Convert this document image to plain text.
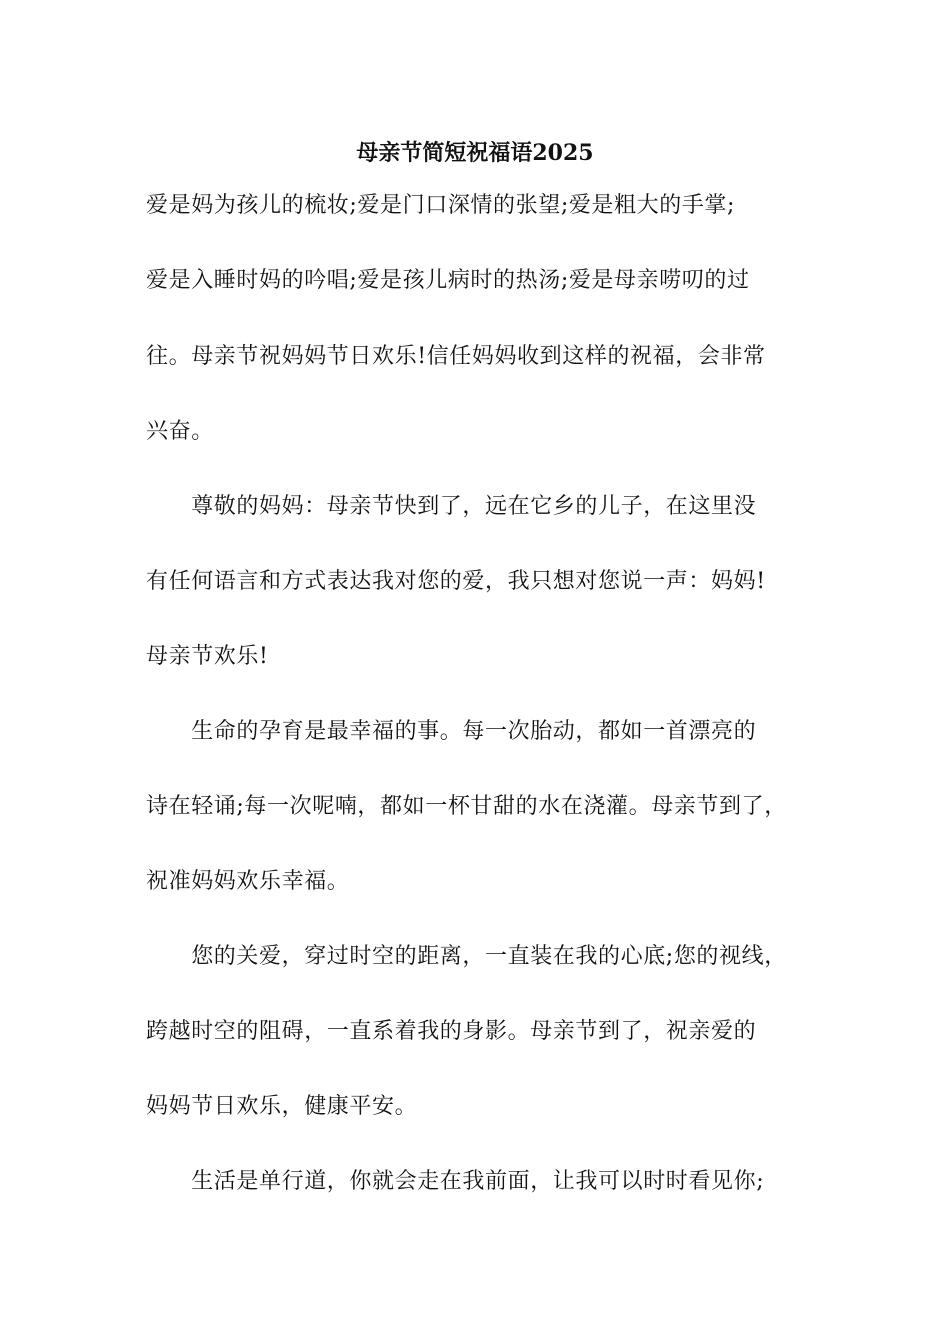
母亲节简短祝福语2025
爱是妈为孩儿的梳妆;爱是门口深情的张望;爱是粗大的手掌;
爱是入睡时妈的吟唱;爱是孩儿病时的热汤;爱是母亲唠叨的过
往。母亲节祝妈妈节日欢乐!信任妈妈收到这样的祝福，会非常
兴奋。
　　尊敬的妈妈：母亲节快到了，远在它乡的儿子，在这里没
有任何语言和方式表达我对您的爱，我只想对您说一声：妈妈!
母亲节欢乐!
　　生命的孕育是最幸福的事。每一次胎动，都如一首漂亮的
诗在轻诵;每一次呢喃，都如一杯甘甜的水在浇灌。母亲节到了，
祝准妈妈欢乐幸福。
　　您的关爱，穿过时空的距离，一直装在我的心底;您的视线，
跨越时空的阻碍，一直系着我的身影。母亲节到了，祝亲爱的
妈妈节日欢乐，健康平安。
　　生活是单行道，你就会走在我前面，让我可以时时看见你;
